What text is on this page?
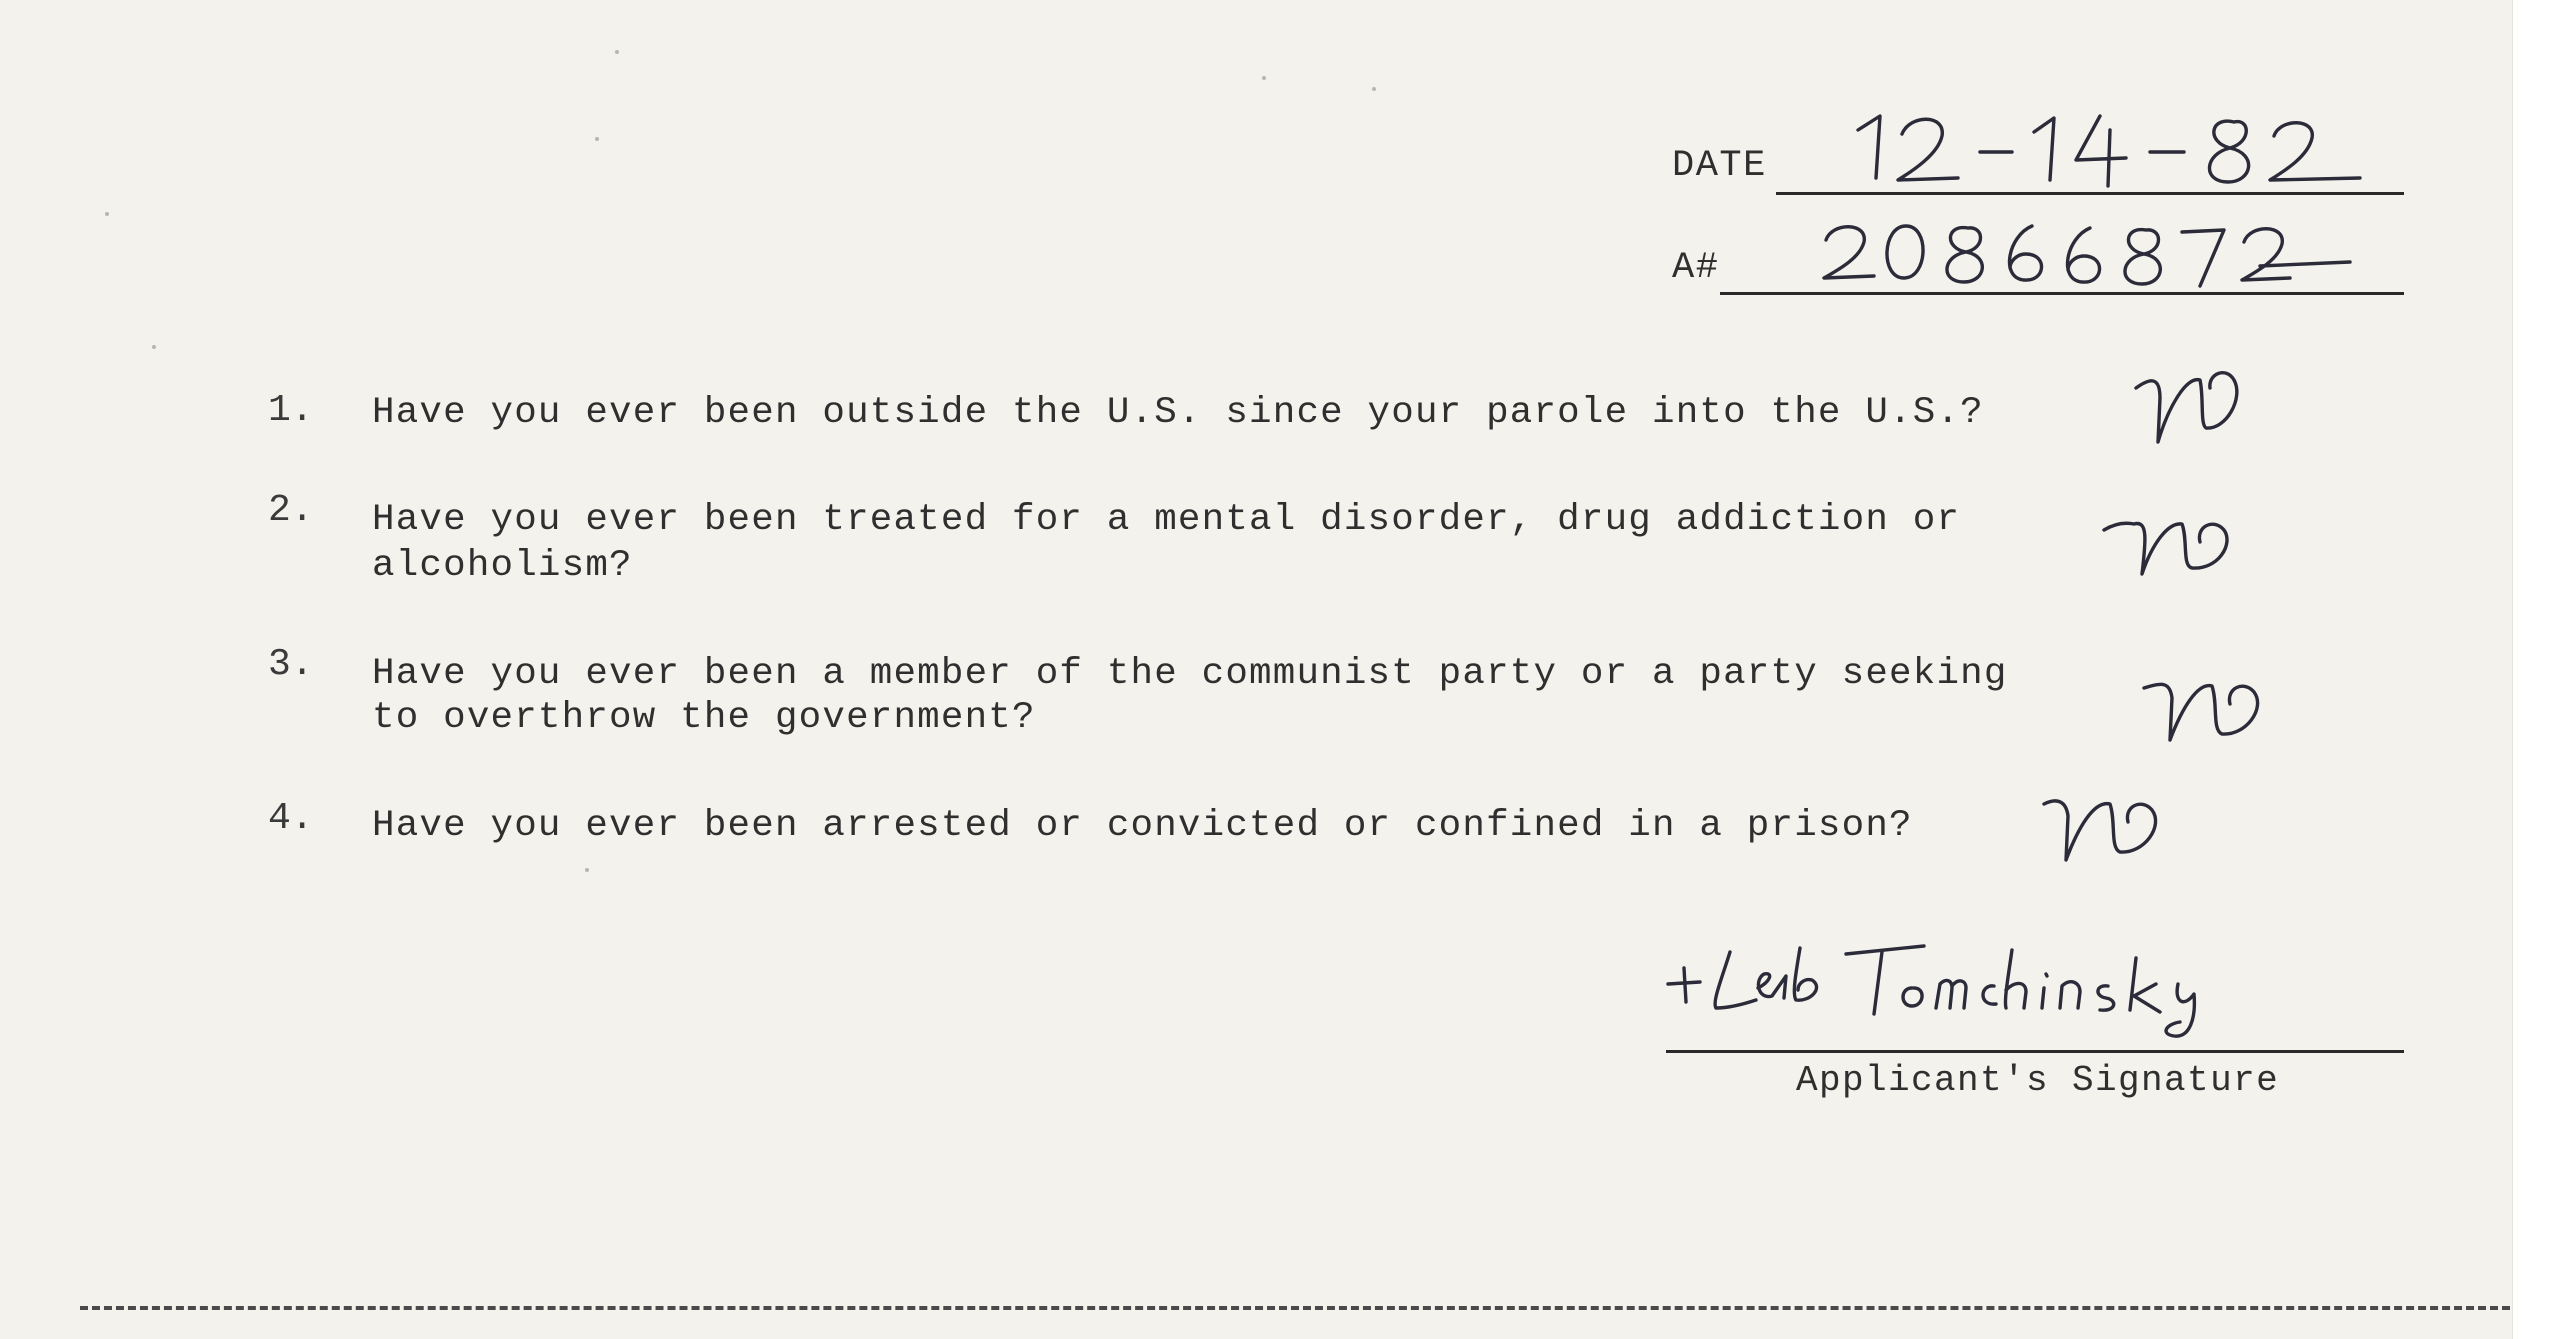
DATE
A#
1. Have you ever been outside the U.S. since your parole into the U.S.?
2. Have you ever been treated for a mental disorder, drug addiction or
alcoholism?
3. Have you ever been a member of the communist party or a party seeking
to overthrow the government?
4. Have you ever been arrested or convicted or confined in a prison?
Applicant's Signature
